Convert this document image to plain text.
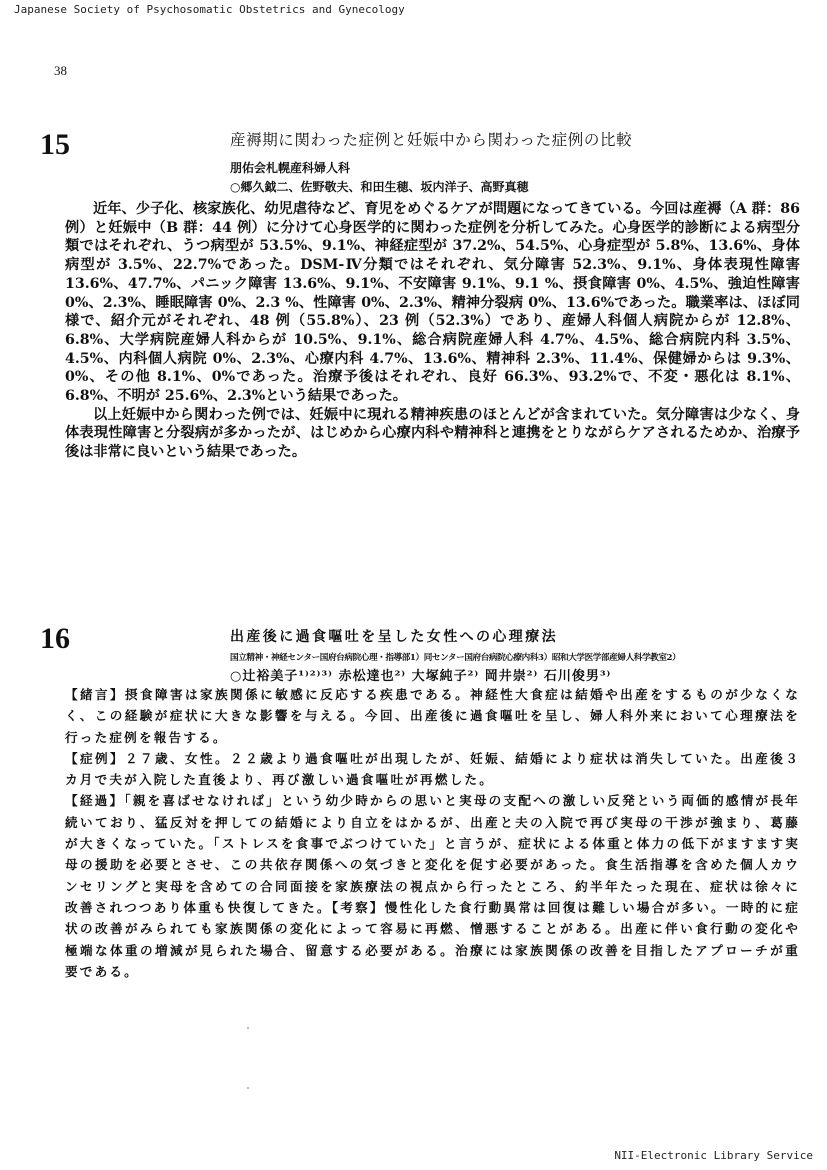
Japanese Society of Psychosomatic Obstetrics and Gynecology
38
15	産褥期に関わった症例と妊娠中から関わった症例の比較
朋佑会札幌産科婦人科
○郷久鉞二、佐野敬夫、和田生穂、坂内洋子、高野真穂

近年、少子化、核家族化、幼児虐待など、育児をめぐるケアが問題になってきている。今回は産褥（A 群：86 例）と妊娠中（B 群：44 例）に分けて心身医学的に関わった症例を分析してみた。心身医学的診断による病型分類ではそれぞれ、うつ病型が 53.5%、9.1%、神経症型が 37.2%、54.5%、心身症型が 5.8%、13.6%、身体病型が 3.5%、22.7%であった。DSM-Ⅳ分類ではそれぞれ、気分障害 52.3%、9.1%、身体表現性障害 13.6%、47.7%、パニック障害 13.6%、9.1%、不安障害 9.1%、9.1 %、摂食障害 0%、4.5%、強迫性障害 0%、2.3%、睡眠障害 0%、2.3 %、性障害 0%、2.3%、精神分裂病 0%、13.6%であった。職業率は、ほぼ同様で、紹介元がそれぞれ、48 例（55.8%）、23 例（52.3%）であり、産婦人科個人病院からが 12.8%、6.8%、大学病院産婦人科からが 10.5%、9.1%、総合病院産婦人科 4.7%、4.5%、総合病院内科 3.5%、4.5%、内科個人病院 0%、2.3%、心療内科 4.7%、13.6%、精神科 2.3%、11.4%、保健婦からは 9.3%、0%、その他 8.1%、0%であった。治療予後はそれぞれ、良好 66.3%、93.2%で、不変・悪化は 8.1%、6.8%、不明が 25.6%、2.3%という結果であった。

以上妊娠中から関わった例では、妊娠中に現れる精神疾患のほとんどが含まれていた。気分障害は少なく、身体表現性障害と分裂病が多かったが、はじめから心療内科や精神科と連携をとりながらケアされるためか、治療予後は非常に良いという結果であった。

16	出産後に過食嘔吐を呈した女性への心理療法
国立精神・神経センター国府台病院心理・指導部1）同センター国府台病院心療内科3）昭和大学医学部産婦人科学教室2）
○辻裕美子¹⁾²⁾³⁾ 赤松達也²⁾ 大塚純子²⁾ 岡井崇²⁾ 石川俊男³⁾
【緒言】摂食障害は家族関係に敏感に反応する疾患である。神経性大食症は結婚や出産をするものが少なくなく、この経験が症状に大きな影響を与える。今回、出産後に過食嘔吐を呈し、婦人科外来において心理療法を行った症例を報告する。
【症例】２７歳、女性。２２歳より過食嘔吐が出現したが、妊娠、結婚により症状は消失していた。出産後３カ月で夫が入院した直後より、再び激しい過食嘔吐が再燃した。
【経過】「親を喜ばせなければ」という幼少時からの思いと実母の支配への激しい反発という両価的感情が長年続いており、猛反対を押しての結婚により自立をはかるが、出産と夫の入院で再び実母の干渉が強まり、葛藤が大きくなっていた。「ストレスを食事でぶつけていた」と言うが、症状による体重と体力の低下がますます実母の援助を必要とさせ、この共依存関係への気づきと変化を促す必要があった。食生活指導を含めた個人カウンセリングと実母を含めての合同面接を家族療法の視点から行ったところ、約半年たった現在、症状は徐々に改善されつつあり体重も快復してきた。【考察】慢性化した食行動異常は回復は難しい場合が多い。一時的に症状の改善がみられても家族関係の変化によって容易に再燃、憎悪することがある。出産に伴い食行動の変化や極端な体重の増減が見られた場合、留意する必要がある。治療には家族関係の改善を目指したアプローチが重要である。
NII-Electronic Library Service
